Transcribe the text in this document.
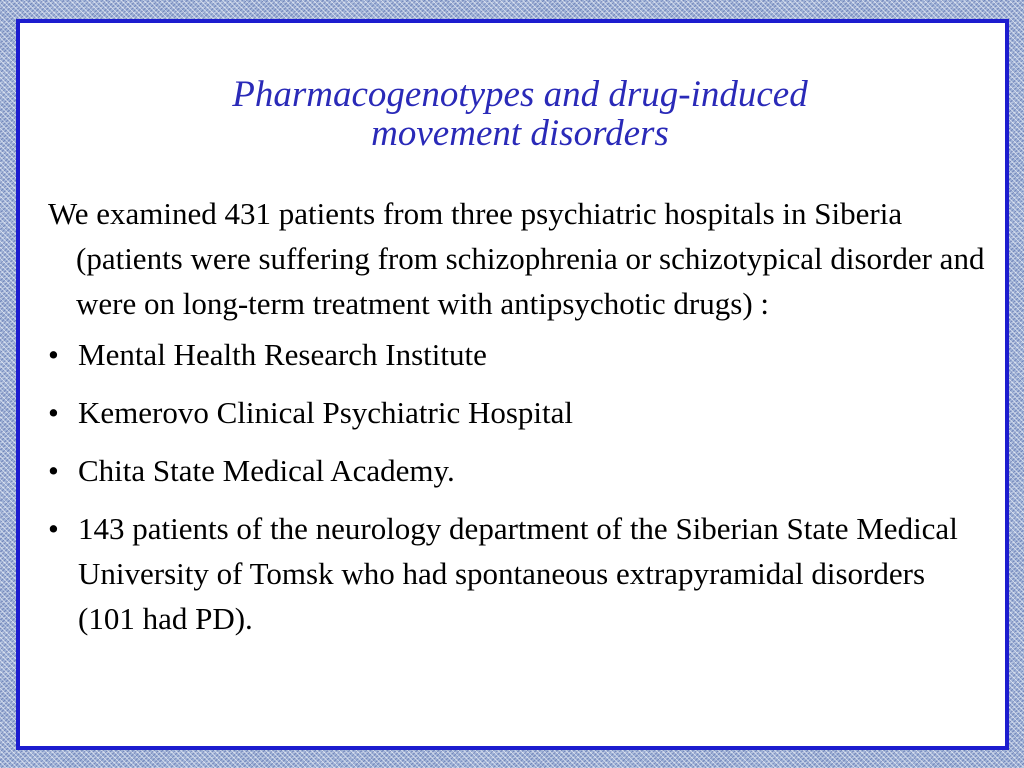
Pharmacogenotypes and drug-induced
movement disorders

We examined 431 patients from three psychiatric hospitals in Siberia (patients were suffering from schizophrenia or schizotypical disorder and were on long-term treatment with antipsychotic drugs) :

• Mental Health Research Institute
• Kemerovo Clinical Psychiatric Hospital
• Chita State Medical Academy.
• 143 patients of the neurology department of the Siberian State Medical University of Tomsk who had spontaneous extrapyramidal disorders (101 had PD).
